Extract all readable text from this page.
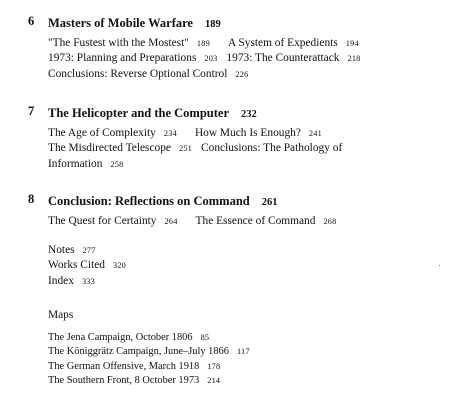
6 Masters of Mobile Warfare 189
"The Fustest with the Mostest" 189 A System of Expedients 194
1973: Planning and Preparations 203 1973: The Counterattack 218
Conclusions: Reverse Optional Control 226
7 The Helicopter and the Computer 232
The Age of Complexity 234 How Much Is Enough? 241
The Misdirected Telescope 251 Conclusions: The Pathology of
Information 258
8 Conclusion: Reflections on Command 261
The Quest for Certainty 264 The Essence of Command 268
Notes 277
Works Cited 320
Index 333
Maps
The Jena Campaign, October 1806 85
The Königgrätz Campaign, June–July 1866 117
The German Offensive, March 1918 178
The Southern Front, 8 October 1973 214
